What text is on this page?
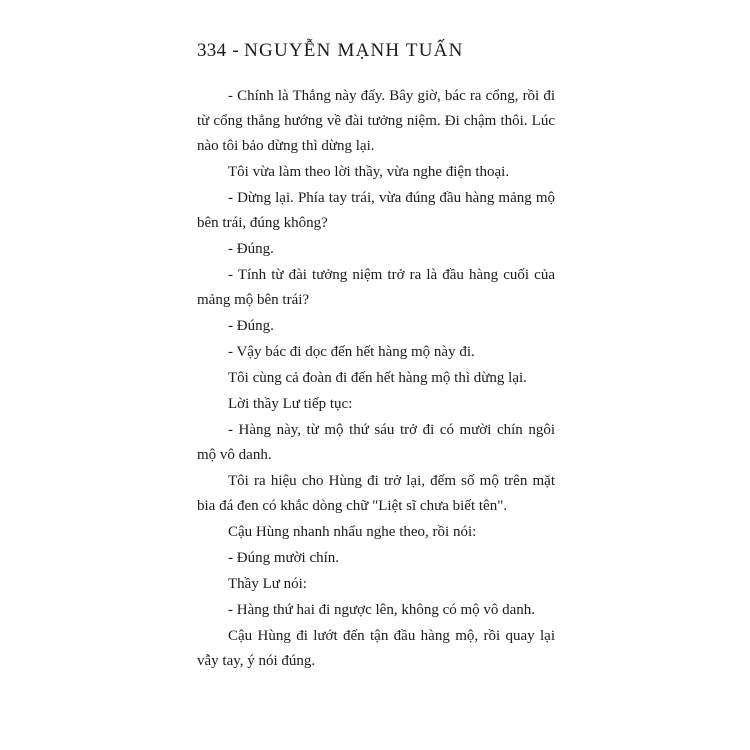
334 - NGUYỄN MẠNH TUẤN

- Chính là Thắng này đấy. Bây giờ, bác ra cổng, rồi đi từ cổng thẳng hướng về đài tưởng niệm. Đi chậm thôi. Lúc nào tôi bảo dừng thì dừng lại.

Tôi vừa làm theo lời thầy, vừa nghe điện thoại.

- Dừng lại. Phía tay trái, vừa đúng đầu hàng mảng mộ bên trái, đúng không?

- Đúng.

- Tính từ đài tưởng niệm trở ra là đầu hàng cuối của mảng mộ bên trái?

- Đúng.

- Vậy bác đi dọc đến hết hàng mộ này đi.

Tôi cùng cả đoàn đi đến hết hàng mộ thì dừng lại.

Lời thầy Lư tiếp tục:

- Hàng này, từ mộ thứ sáu trở đi có mười chín ngôi mộ vô danh.

Tôi ra hiệu cho Hùng đi trở lại, đếm số mộ trên mặt bia đá đen có khắc dòng chữ "Liệt sĩ chưa biết tên".

Cậu Hùng nhanh nhẩu nghe theo, rồi nói:

- Đúng mười chín.

Thầy Lư nói:

- Hàng thứ hai đi ngược lên, không có mộ vô danh.

Cậu Hùng đi lướt đến tận đầu hàng mộ, rồi quay lại vẫy tay, ý nói đúng.
